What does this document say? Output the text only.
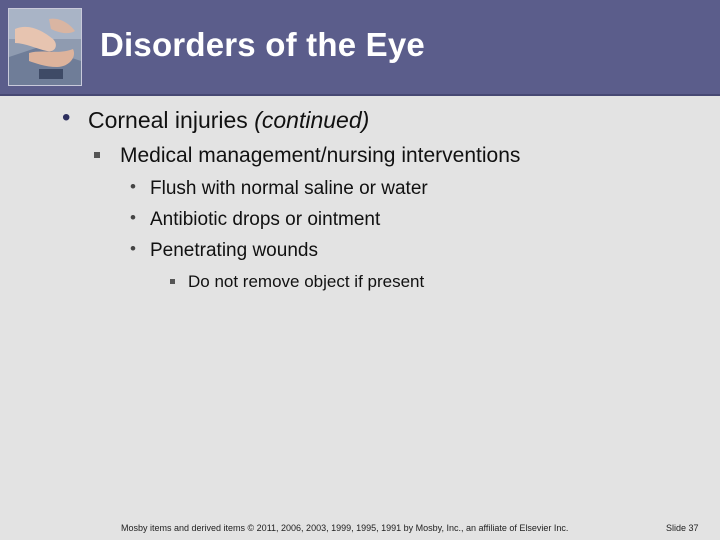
Disorders of the Eye
• Corneal injuries (continued)
Medical management/nursing interventions
• Flush with normal saline or water
• Antibiotic drops or ointment
• Penetrating wounds
Do not remove object if present
Mosby items and derived items © 2011, 2006, 2003, 1999, 1995, 1991 by Mosby, Inc., an affiliate of Elsevier Inc.	Slide 37
